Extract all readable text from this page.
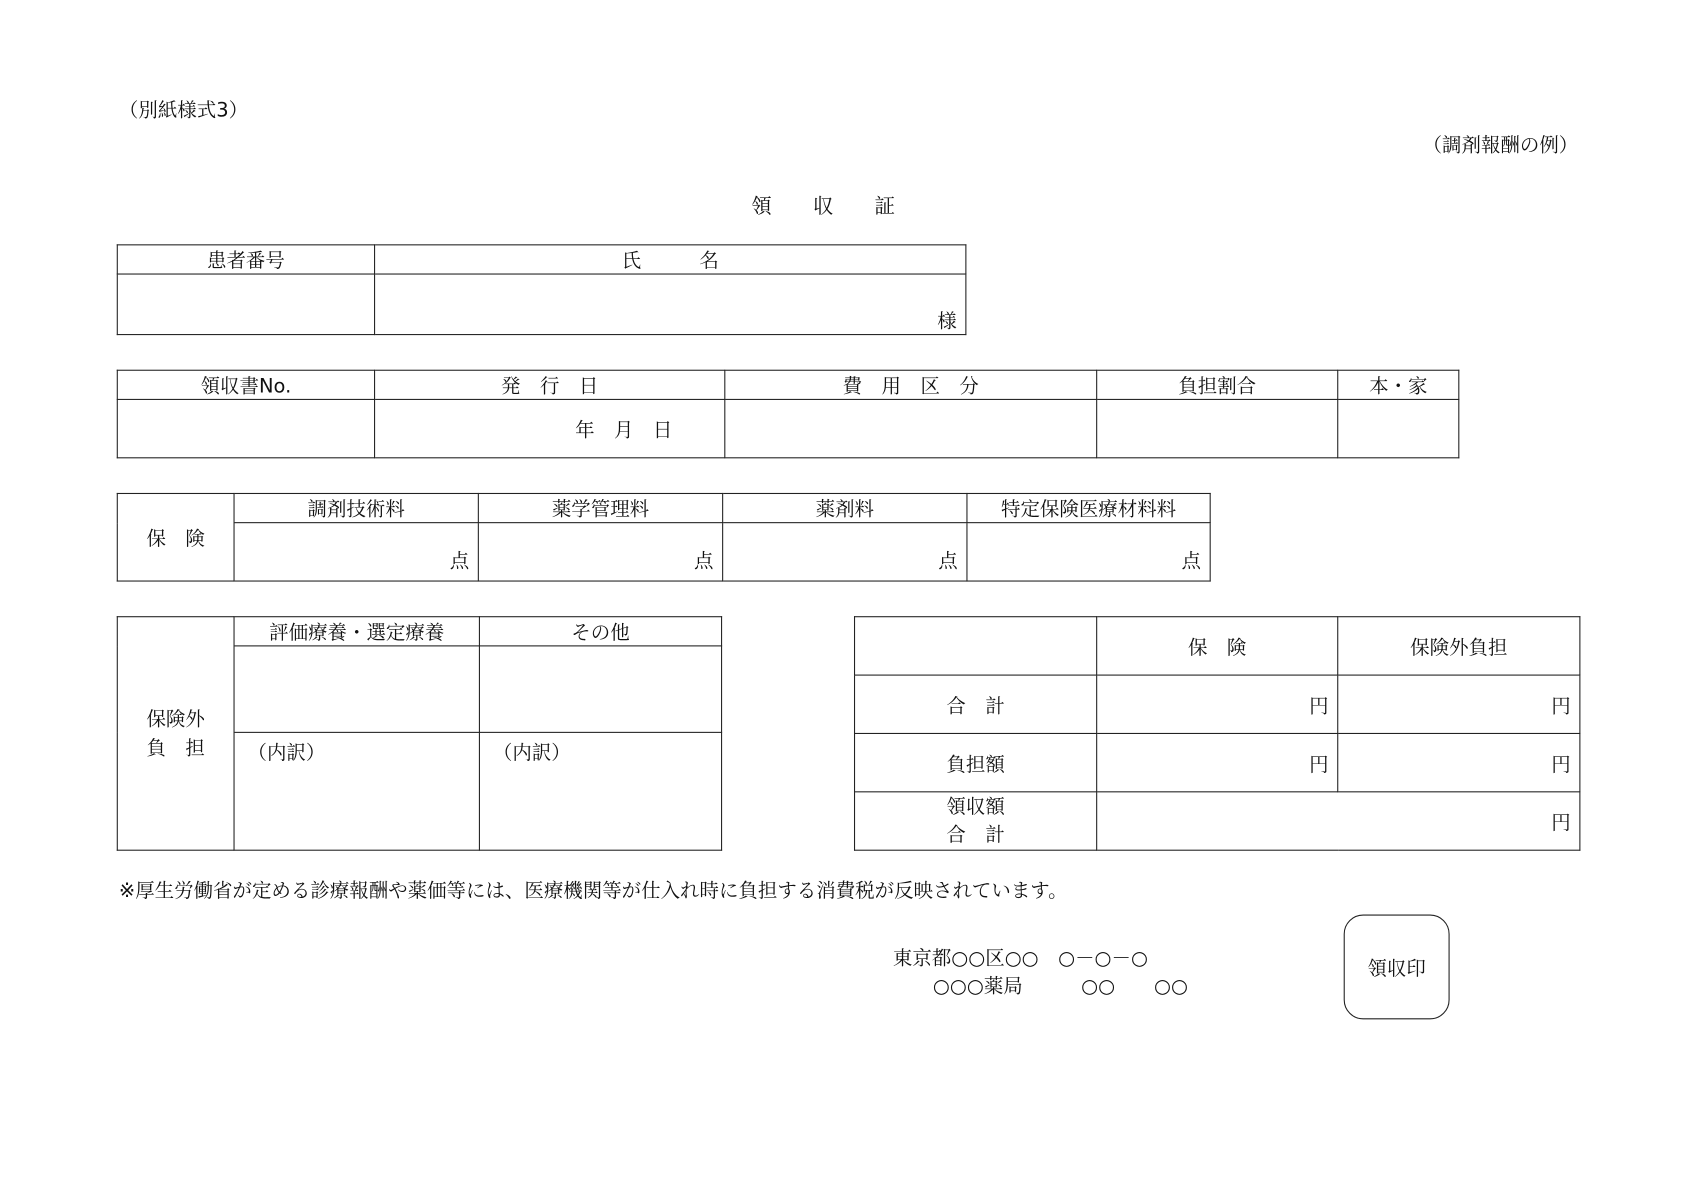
（別紙様式3）
（調剤報酬の例）
領　　収　　証
患者番号	氏　　　名
	様
領収書No.	発　行　日	費　用　区　分	負担割合	本・家
	年　月　日			
保　険	調剤技術料	薬学管理料	薬剤料	特定保険医療材料料
	点	点	点	点
保険外
負　担	評価療養・選定療養	その他

	（内訳）	（内訳）
	保　険	保険外負担
合　計	円	円
負担額	円	円
領収額
合　計	円	
※厚生労働省が定める診療報酬や薬価等には、医療機関等が仕入れ時に負担する消費税が反映されています。
東京都○○区○○　○－○－○
○○○薬局　　　○○　　○○
領収印
